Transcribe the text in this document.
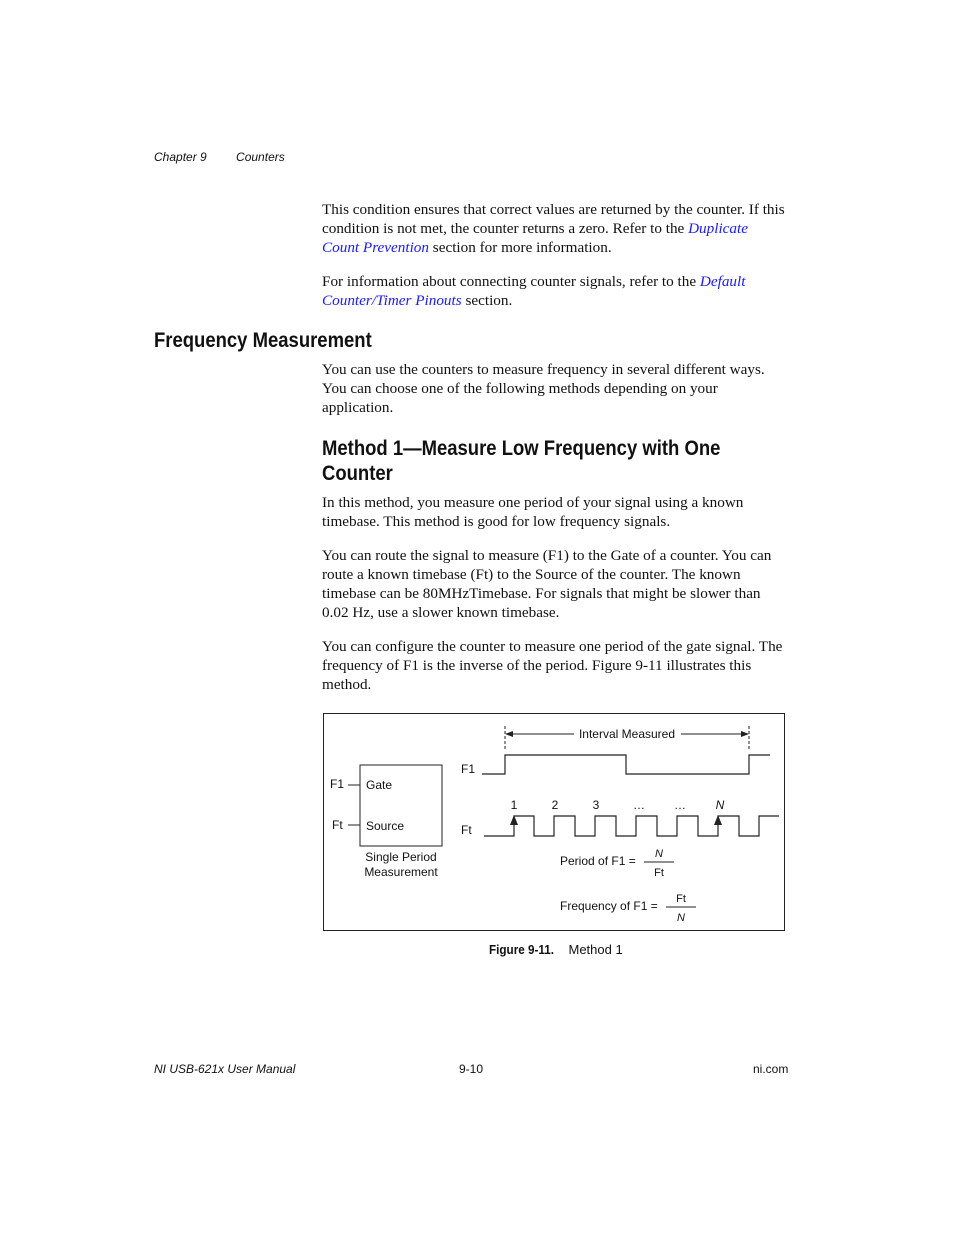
Chapter 9 Counters

This condition ensures that correct values are returned by the counter. If this condition is not met, the counter returns a zero. Refer to the Duplicate Count Prevention section for more information.

For information about connecting counter signals, refer to the Default Counter/Timer Pinouts section.

Frequency Measurement

You can use the counters to measure frequency in several different ways. You can choose one of the following methods depending on your application.

Method 1—Measure Low Frequency with One Counter

In this method, you measure one period of your signal using a known timebase. This method is good for low frequency signals.

You can route the signal to measure (F1) to the Gate of a counter. You can route a known timebase (Ft) to the Source of the counter. The known timebase can be 80MHzTimebase. For signals that might be slower than 0.02 Hz, use a slower known timebase.

You can configure the counter to measure one period of the gate signal. The frequency of F1 is the inverse of the period. Figure 9-11 illustrates this method.

Interval Measured
F1
F1 Gate
Ft Source
Single Period
Measurement
Ft
1	2	3	… … N
Period of F1 = N
Ft
Frequency of F1 = Ft
N
Figure 9-11. Method 1
NI USB-621x User Manual	9-10	ni.com
